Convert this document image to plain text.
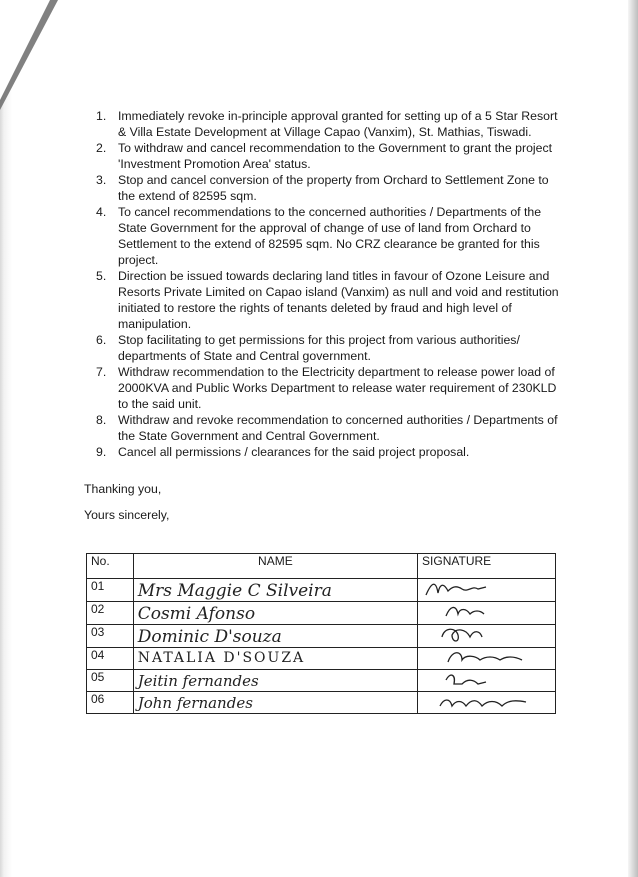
1. Immediately revoke in-principle approval granted for setting up of a 5 Star Resort & Villa Estate Development at Village Capao (Vanxim), St. Mathias, Tiswadi.
2. To withdraw and cancel recommendation to the Government to grant the project 'Investment Promotion Area' status.
3. Stop and cancel conversion of the property from Orchard to Settlement Zone to the extend of 82595 sqm.
4. To cancel recommendations to the concerned authorities / Departments of the State Government for the approval of change of use of land from Orchard to Settlement to the extend of 82595 sqm. No CRZ clearance be granted for this project.
5. Direction be issued towards declaring land titles in favour of Ozone Leisure and Resorts Private Limited on Capao island (Vanxim) as null and void and restitution initiated to restore the rights of tenants deleted by fraud and high level of manipulation.
6. Stop facilitating to get permissions for this project from various authorities/ departments of State and Central government.
7. Withdraw recommendation to the Electricity department to release power load of 2000KVA and Public Works Department to release water requirement of 230KLD to the said unit.
8. Withdraw and revoke recommendation to concerned authorities / Departments of the State Government and Central Government.
9. Cancel all permissions / clearances for the said project proposal.
Thanking you,
Yours sincerely,
No.	NAME	SIGNATURE
01	Mrs Maggie C Silveira

02	Cosmi Afonso

03	Dominic D'souza

04	NATALIA D'SOUZA

05	Jeitin fernandes

06	John fernandes
